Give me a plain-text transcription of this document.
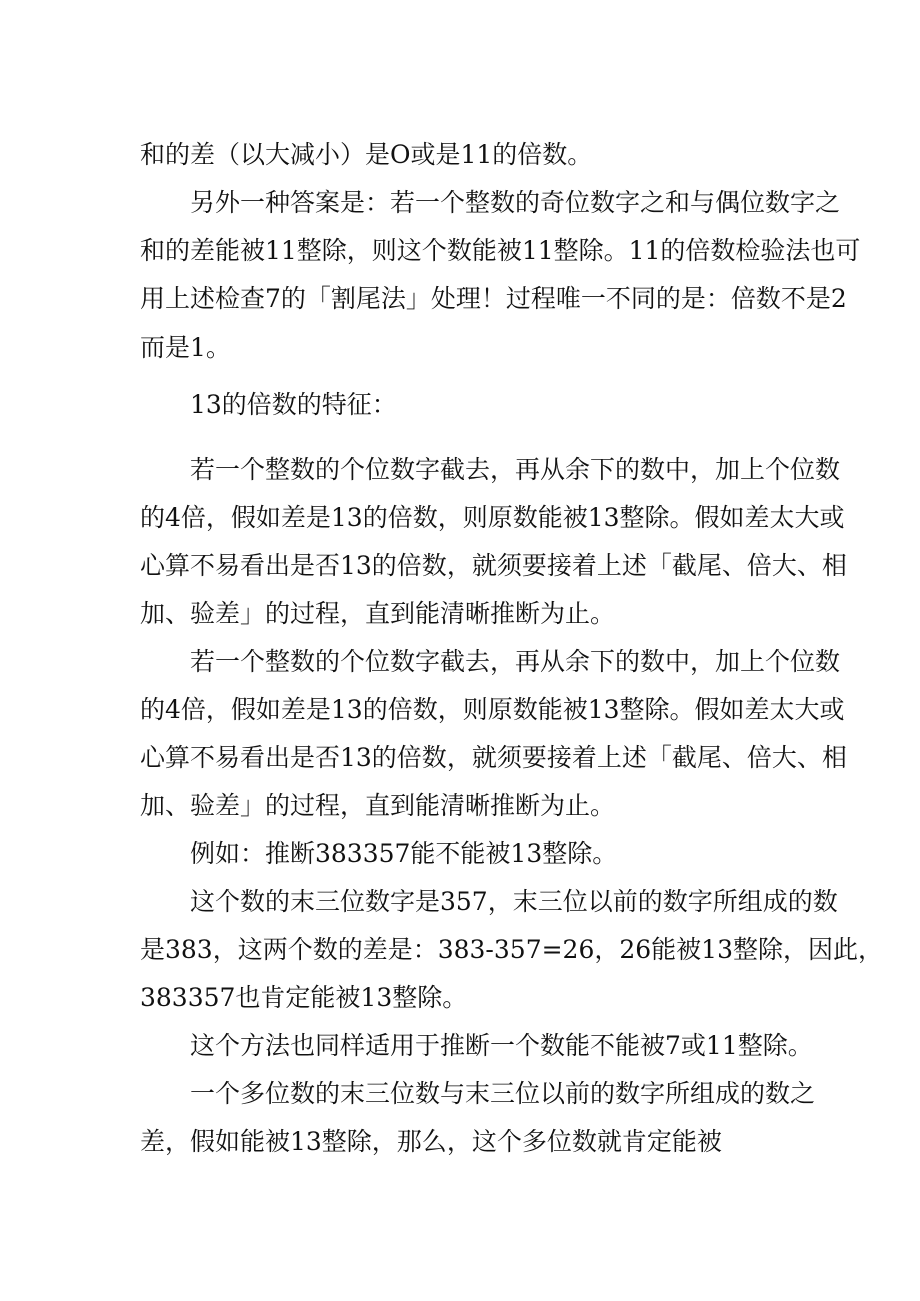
和的差（以大减小）是O或是11的倍数。
另外一种答案是：若一个整数的奇位数字之和与偶位数字之
和的差能被11整除，则这个数能被11整除。11的倍数检验法也可
用上述检查7的「割尾法」处理！过程唯一不同的是：倍数不是2
而是1。
13的倍数的特征：
若一个整数的个位数字截去，再从余下的数中，加上个位数
的4倍，假如差是13的倍数，则原数能被13整除。假如差太大或
心算不易看出是否13的倍数，就须要接着上述「截尾、倍大、相
加、验差」的过程，直到能清晰推断为止。
若一个整数的个位数字截去，再从余下的数中，加上个位数
的4倍，假如差是13的倍数，则原数能被13整除。假如差太大或
心算不易看出是否13的倍数，就须要接着上述「截尾、倍大、相
加、验差」的过程，直到能清晰推断为止。
例如：推断383357能不能被13整除。
这个数的末三位数字是357，末三位以前的数字所组成的数
是383，这两个数的差是：383-357=26，26能被13整除，因此，
383357也肯定能被13整除。
这个方法也同样适用于推断一个数能不能被7或11整除。
一个多位数的末三位数与末三位以前的数字所组成的数之
差，假如能被13整除，那么，这个多位数就肯定能被
